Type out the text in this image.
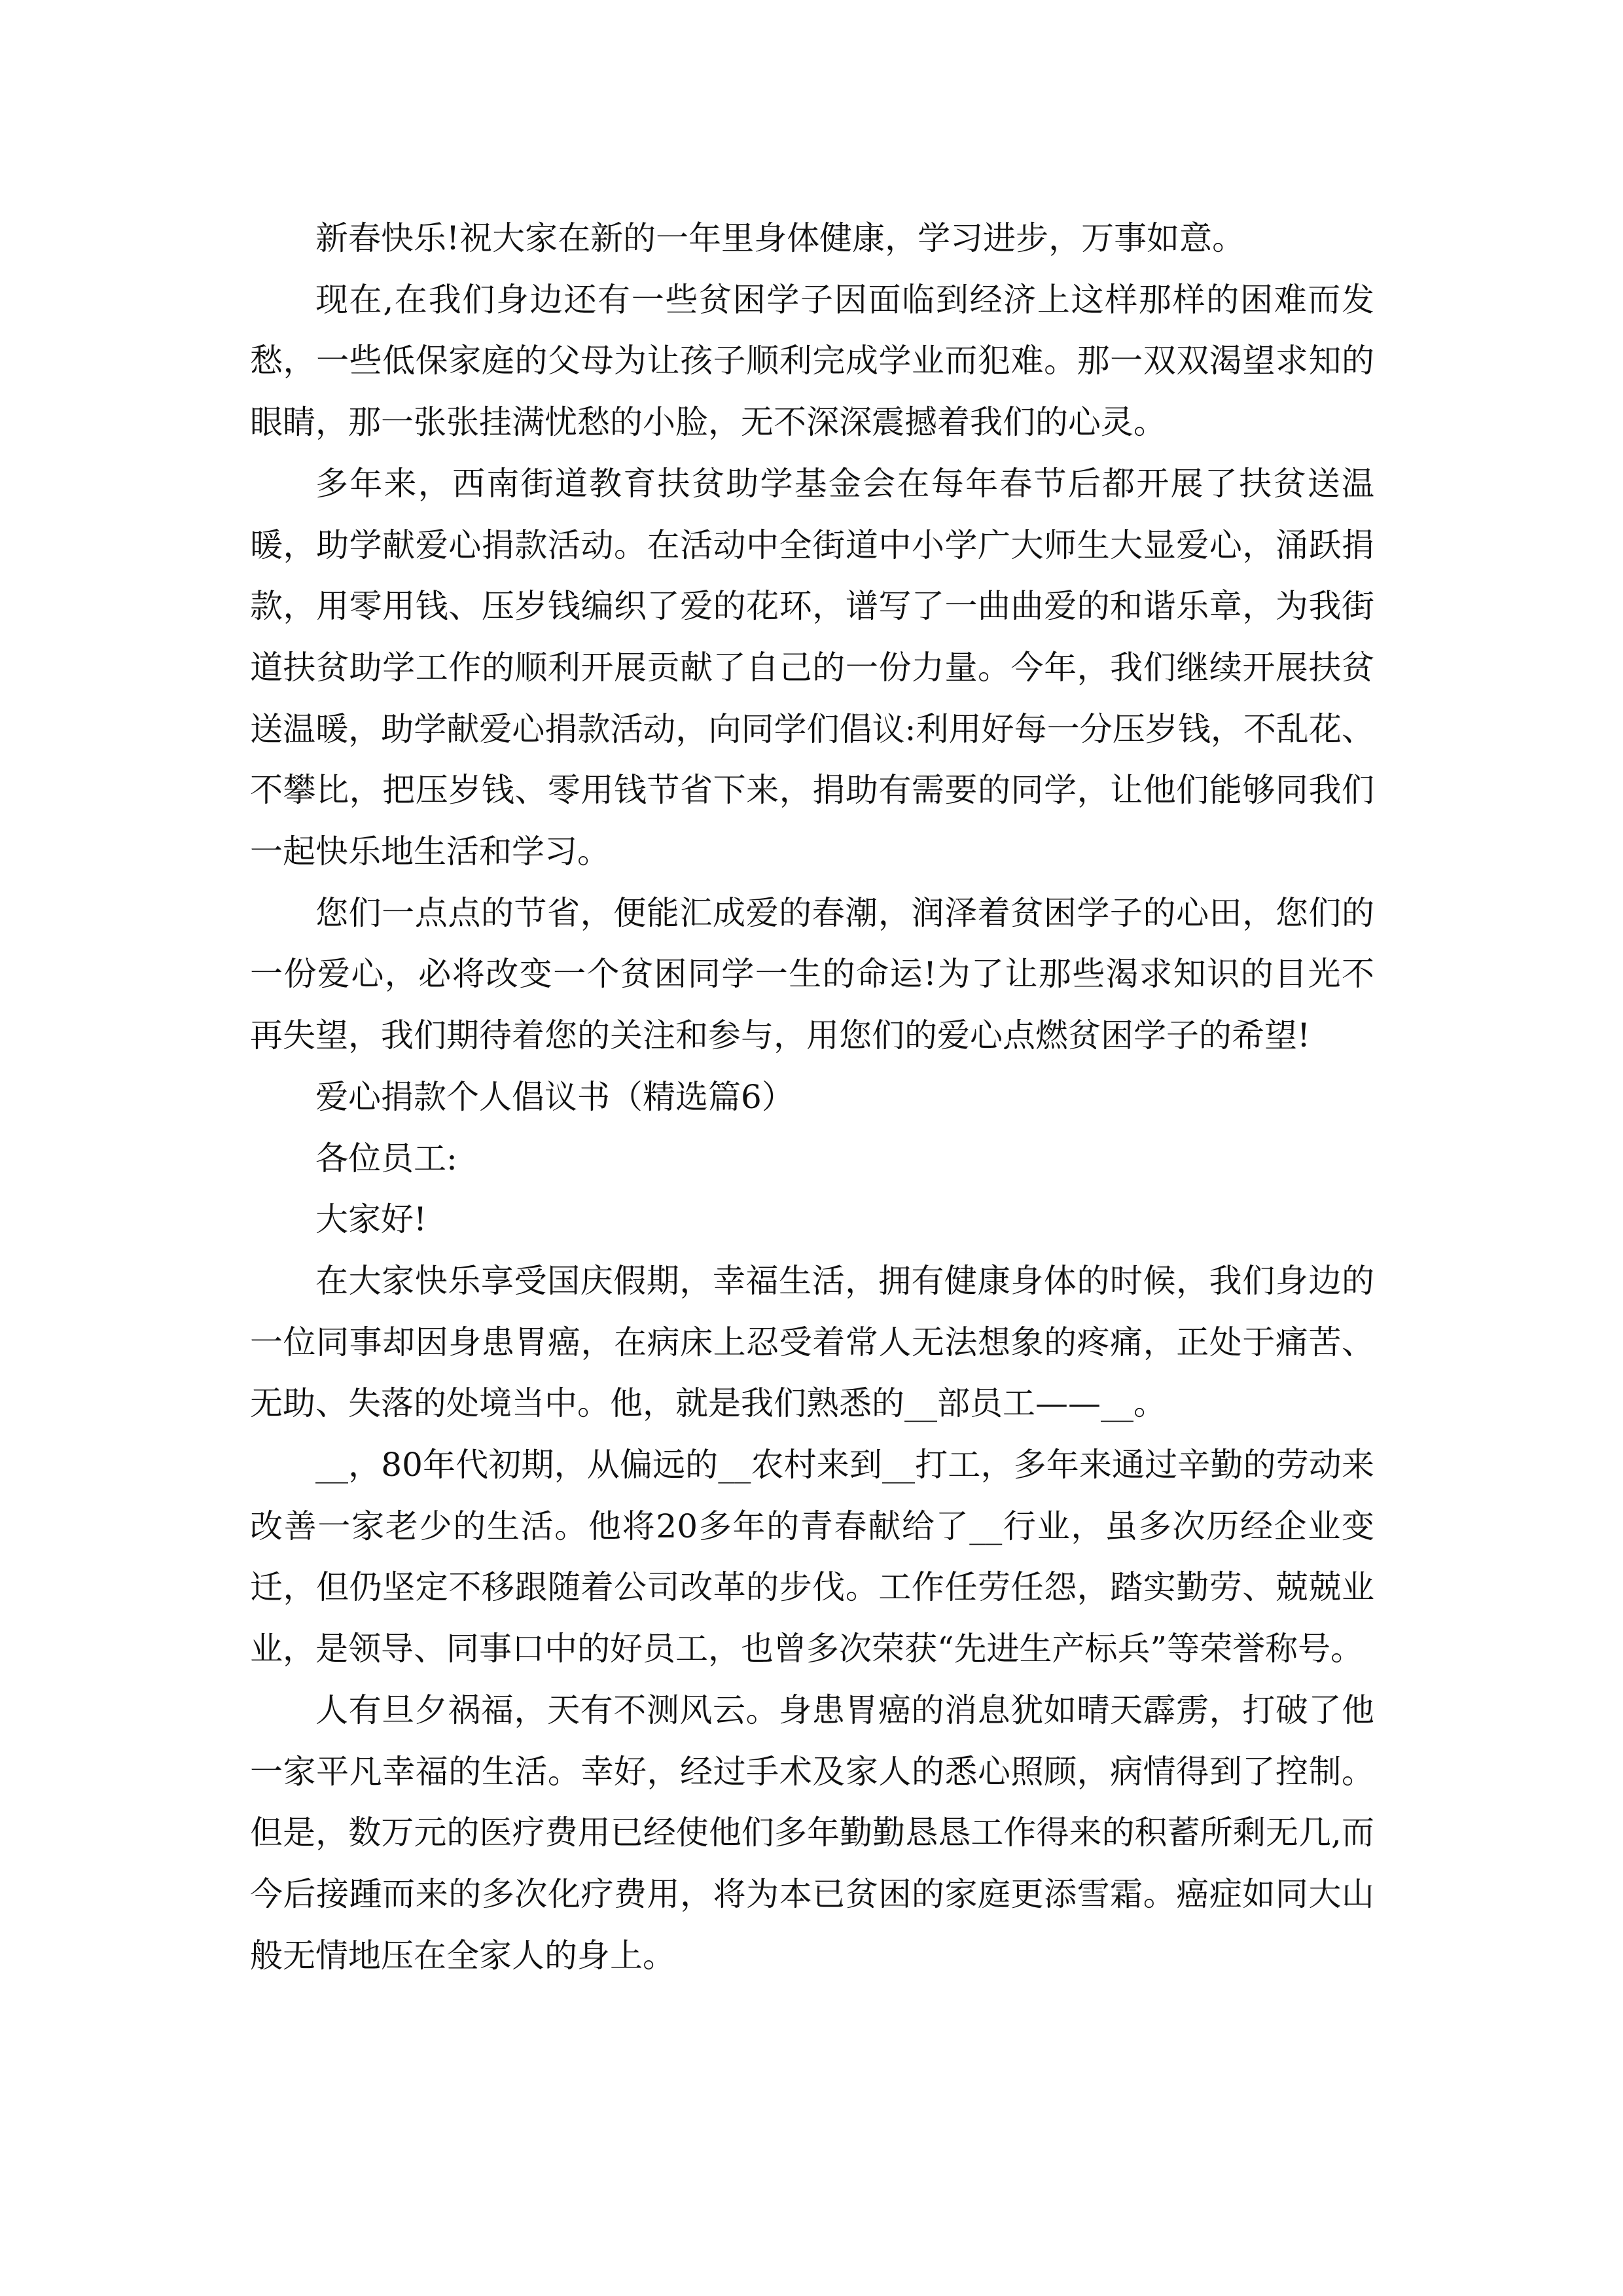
新春快乐!祝大家在新的一年里身体健康，学习进步，万事如意。

现在,在我们身边还有一些贫困学子因面临到经济上这样那样的困难而发愁，一些低保家庭的父母为让孩子顺利完成学业而犯难。那一双双渴望求知的眼睛，那一张张挂满忧愁的小脸，无不深深震撼着我们的心灵。

多年来，西南街道教育扶贫助学基金会在每年春节后都开展了扶贫送温暖，助学献爱心捐款活动。在活动中全街道中小学广大师生大显爱心，涌跃捐款，用零用钱、压岁钱编织了爱的花环，谱写了一曲曲爱的和谐乐章，为我街道扶贫助学工作的顺利开展贡献了自己的一份力量。今年，我们继续开展扶贫送温暖，助学献爱心捐款活动，向同学们倡议:利用好每一分压岁钱，不乱花、不攀比，把压岁钱、零用钱节省下来，捐助有需要的同学，让他们能够同我们一起快乐地生活和学习。

您们一点点的节省，便能汇成爱的春潮，润泽着贫困学子的心田，您们的一份爱心，必将改变一个贫困同学一生的命运!为了让那些渴求知识的目光不再失望，我们期待着您的关注和参与，用您们的爱心点燃贫困学子的希望!

爱心捐款个人倡议书（精选篇6）

各位员工:

大家好!

在大家快乐享受国庆假期，幸福生活，拥有健康身体的时候，我们身边的一位同事却因身患胃癌，在病床上忍受着常人无法想象的疼痛，正处于痛苦、无助、失落的处境当中。他，就是我们熟悉的__部员工——__。

__，80年代初期，从偏远的__农村来到__打工，多年来通过辛勤的劳动来改善一家老少的生活。他将20多年的青春献给了__行业，虽多次历经企业变迁，但仍坚定不移跟随着公司改革的步伐。工作任劳任怨，踏实勤劳、兢兢业业，是领导、同事口中的好员工，也曾多次荣获“先进生产标兵”等荣誉称号。

人有旦夕祸福，天有不测风云。身患胃癌的消息犹如晴天霹雳，打破了他一家平凡幸福的生活。幸好，经过手术及家人的悉心照顾，病情得到了控制。但是，数万元的医疗费用已经使他们多年勤勤恳恳工作得来的积蓄所剩无几,而今后接踵而来的多次化疗费用，将为本已贫困的家庭更添雪霜。癌症如同大山般无情地压在全家人的身上。
